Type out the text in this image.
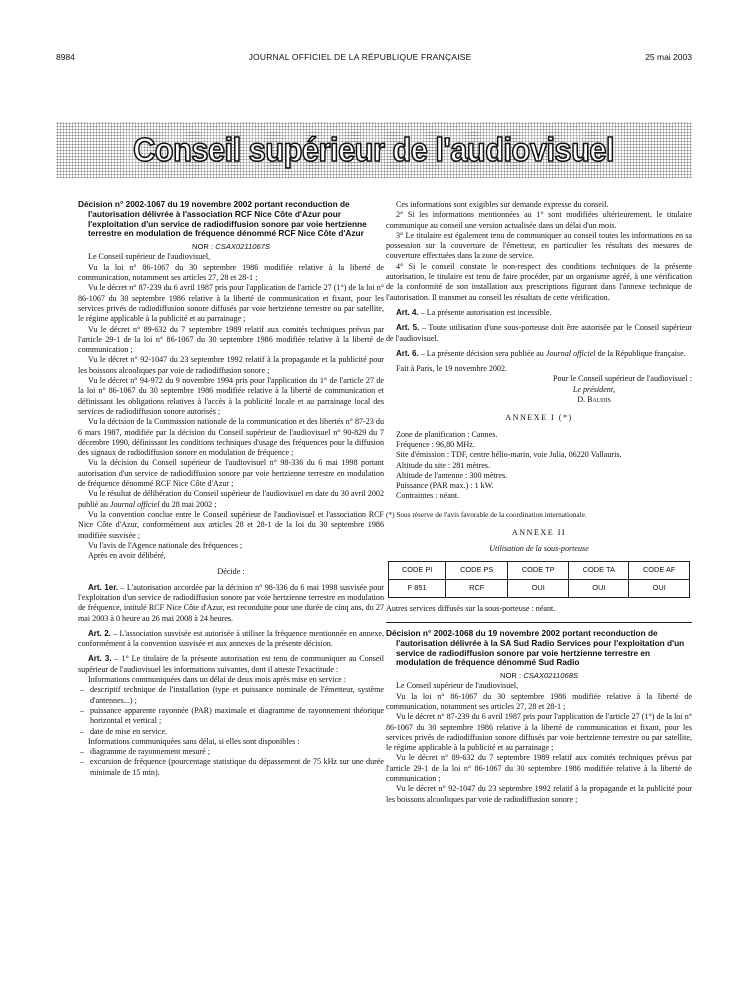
8984	JOURNAL OFFICIEL DE LA RÉPUBLIQUE FRANÇAISE	25 mai 2003
Conseil supérieur de l'audiovisuel
Décision n° 2002-1067 du 19 novembre 2002 portant reconduction de l'autorisation délivrée à l'association RCF Nice Côte d'Azur pour l'exploitation d'un service de radiodiffusion sonore par voie hertzienne terrestre en modulation de fréquence dénommé RCF Nice Côte d'Azur

NOR : CSAX0211067S

Le Conseil supérieur de l'audiovisuel,

Vu la loi n° 86-1067 du 30 septembre 1986 modifiée relative à la liberté de communication, notamment ses articles 27, 28 et 28-1 ;

Vu le décret n° 87-239 du 6 avril 1987 pris pour l'application de l'article 27 (1°) de la loi n° 86-1067 du 30 septembre 1986 relative à la liberté de communication et fixant, pour les services privés de radiodiffusion sonore diffusés par voie hertzienne terrestre ou par satellite, le régime applicable à la publicité et au parrainage ;

Vu le décret n° 89-632 du 7 septembre 1989 relatif aux comités techniques prévus par l'article 29-1 de la loi n° 86-1067 du 30 septembre 1986 modifiée relative à la liberté de communication ;

Vu le décret n° 92-1047 du 23 septembre 1992 relatif à la propagande et la publicité pour les boissons alcooliques par voie de radiodiffusion sonore ;

Vu le décret n° 94-972 du 9 novembre 1994 pris pour l'application du 1° de l'article 27 de la loi n° 86-1067 du 30 septembre 1986 modifiée relative à la liberté de communication et définissant les obligations relatives à l'accès à la publicité locale et au parrainage local des services de radiodiffusion sonore autorisés ;

Vu la décision de la Commission nationale de la communication et des libertés n° 87-23 du 6 mars 1987, modifiée par la décision du Conseil supérieur de l'audiovisuel n° 90-829 du 7 décembre 1990, définissant les conditions techniques d'usage des fréquences pour la diffusion des signaux de radiodiffusion sonore en modulation de fréquence ;

Vu la décision du Conseil supérieur de l'audiovisuel n° 98-336 du 6 mai 1998 portant autorisation d'un service de radiodiffusion sonore par voie hertzienne terrestre en modulation de fréquence dénommé RCF Nice Côte d'Azur ;

Vu le résultat de délibération du Conseil supérieur de l'audiovisuel en date du 30 avril 2002 publié au Journal officiel du 28 mai 2002 ;

Vu la convention conclue entre le Conseil supérieur de l'audiovisuel et l'association RCF Nice Côte d'Azur, conformément aux articles 28 et 28-1 de la loi du 30 septembre 1986 modifiée susvisée ;

Vu l'avis de l'Agence nationale des fréquences ;

Après en avoir délibéré,

Décide :

Art. 1er. – L'autorisation accordée par la décision n° 98-336 du 6 mai 1998 susvisée pour l'exploitation d'un service de radiodiffusion sonore par voie hertzienne terrestre en modulation de fréquence, intitulé RCF Nice Côte d'Azur, est reconduite pour une durée de cinq ans, du 27 mai 2003 à 0 heure au 26 mai 2008 à 24 heures.

Art. 2. – L'association susvisée est autorisée à utiliser la fréquence mentionnée en annexe, conformément à la convention susvisée et aux annexes de la présente décision.

Art. 3. – 1° Le titulaire de la présente autorisation est tenu de communiquer au Conseil supérieur de l'audiovisuel les informations suivantes, dont il atteste l'exactitude :

Informations communiquées dans un délai de deux mois après mise en service :

– descriptif technique de l'installation (type et puissance nominale de l'émetteur, système d'antennes...) ;
– puissance apparente rayonnée (PAR) maximale et diagramme de rayonnement théorique horizontal et vertical ;
– date de mise en service.

Informations communiquées sans délai, si elles sont disponibles :

– diagramme de rayonnement mesuré ;
– excursion de fréquence (pourcentage statistique du dépassement de 75 kHz sur une durée minimale de 15 min).

Ces informations sont exigibles sur demande expresse du conseil.

2° Si les informations mentionnées au 1° sont modifiées ultérieurement, le titulaire communique au conseil une version actualisée dans un délai d'un mois.

3° Le titulaire est également tenu de communiquer au conseil toutes les informations en sa possession sur la couverture de l'émetteur, en particulier les résultats des mesures de couverture effectuées dans la zone de service.

4° Si le conseil constate le non-respect des conditions techniques de la présente autorisation, le titulaire est tenu de faire procéder, par un organisme agréé, à une vérification de la conformité de son installation aux prescriptions figurant dans l'annexe technique de l'autorisation. Il transmet au conseil les résultats de cette vérification.

Art. 4. – La présente autorisation est incessible.

Art. 5. – Toute utilisation d'une sous-porteuse doit être autorisée par le Conseil supérieur de l'audiovisuel.

Art. 6. – La présente décision sera publiée au Journal officiel de la République française.

Fait à Paris, le 19 novembre 2002.

Pour le Conseil supérieur de l'audiovisuel :

Le président,

D. Baudis

ANNEXE I (*)

Zone de planification : Cannes.

Fréquence : 96,80 MHz.

Site d'émission : TDF, centre hélio-marin, voie Julia, 06220 Vallauris.

Altitude du site : 281 mètres.

Altitude de l'antenne : 300 mètres.

Puissance (PAR max.) : 1 kW.

Contraintes : néant.

(*) Sous réserve de l'avis favorable de la coordination internationale.

ANNEXE II

Utilisation de la sous-porteuse

CODE PI	CODE PS	CODE TP	CODE TA	CODE AF
F 851	RCF	OUI	OUI	OUI

Autres services diffusés sur la sous-porteuse : néant.

Décision n° 2002-1068 du 19 novembre 2002 portant reconduction de l'autorisation délivrée à la SA Sud Radio Services pour l'exploitation d'un service de radiodiffusion sonore par voie hertzienne terrestre en modulation de fréquence dénommé Sud Radio

NOR : CSAX0211068S

Le Conseil supérieur de l'audiovisuel,

Vu la loi n° 86-1067 du 30 septembre 1986 modifiée relative à la liberté de communication, notamment ses articles 27, 28 et 28-1 ;

Vu le décret n° 87-239 du 6 avril 1987 pris pour l'application de l'article 27 (1°) de la loi n° 86-1067 du 30 septembre 1986 relative à la liberté de communication et fixant, pour les services privés de radiodiffusion sonore diffusés par voie hertzienne terrestre ou par satellite, le régime applicable à la publicité et au parrainage ;

Vu le décret n° 89-632 du 7 septembre 1989 relatif aux comités techniques prévus par l'article 29-1 de la loi n° 86-1067 du 30 septembre 1986 modifiée relative à la liberté de communication ;

Vu le décret n° 92-1047 du 23 septembre 1992 relatif à la propagande et la publicité pour les boissons alcooliques par voie de radiodiffusion sonore ;
